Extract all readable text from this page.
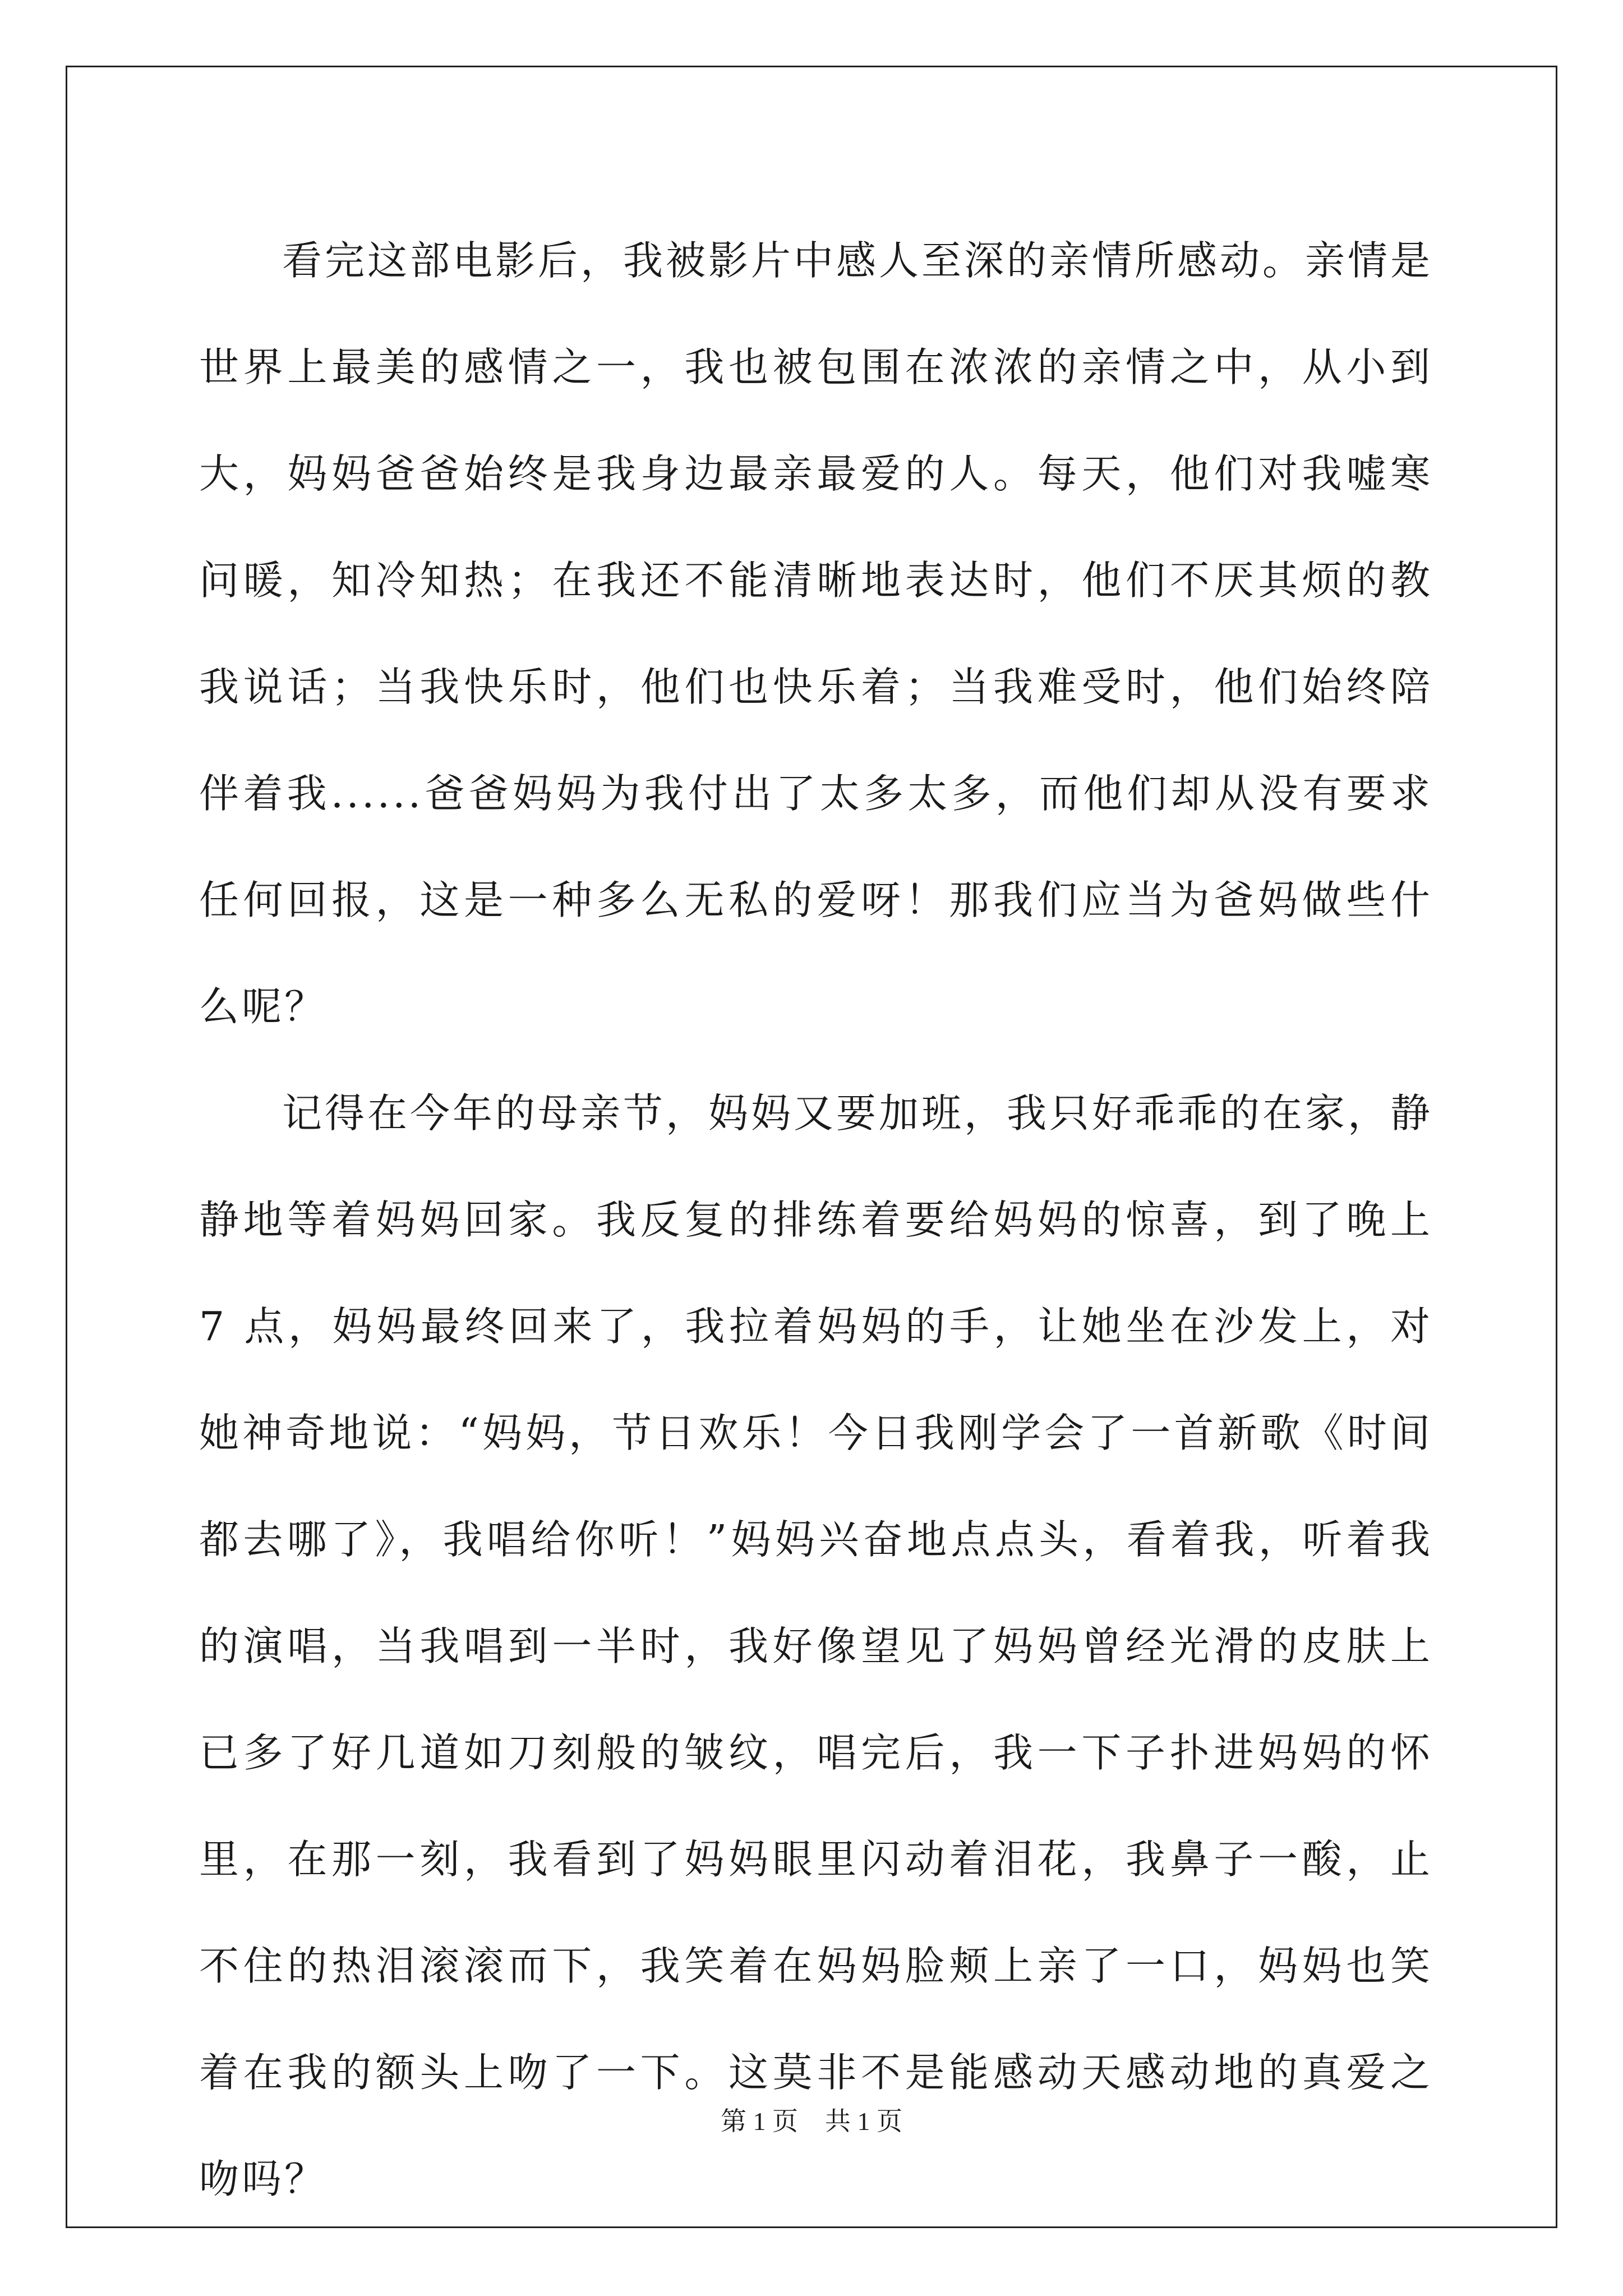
看完这部电影后，我被影片中感人至深的亲情所感动。亲情是世界上最美的感情之一，我也被包围在浓浓的亲情之中，从小到大，妈妈爸爸始终是我身边最亲最爱的人。每天，他们对我嘘寒问暖，知冷知热；在我还不能清晰地表达时，他们不厌其烦的教我说话；当我快乐时，他们也快乐着；当我难受时，他们始终陪伴着我......爸爸妈妈为我付出了太多太多，而他们却从没有要求任何回报，这是一种多么无私的爱呀！那我们应当为爸妈做些什么呢？

记得在今年的母亲节，妈妈又要加班，我只好乖乖的在家，静静地等着妈妈回家。我反复的排练着要给妈妈的惊喜，到了晚上 7 点，妈妈最终回来了，我拉着妈妈的手，让她坐在沙发上，对她神奇地说：“妈妈，节日欢乐！今日我刚学会了一首新歌《时间都去哪了》，我唱给你听！”妈妈兴奋地点点头，看着我，听着我的演唱，当我唱到一半时，我好像望见了妈妈曾经光滑的皮肤上已多了好几道如刀刻般的皱纹，唱完后，我一下子扑进妈妈的怀里，在那一刻，我看到了妈妈眼里闪动着泪花，我鼻子一酸，止不住的热泪滚滚而下，我笑着在妈妈脸颊上亲了一口，妈妈也笑着在我的额头上吻了一下。这莫非不是能感动天感动地的真爱之吻吗？

第 1 页 共 1 页
